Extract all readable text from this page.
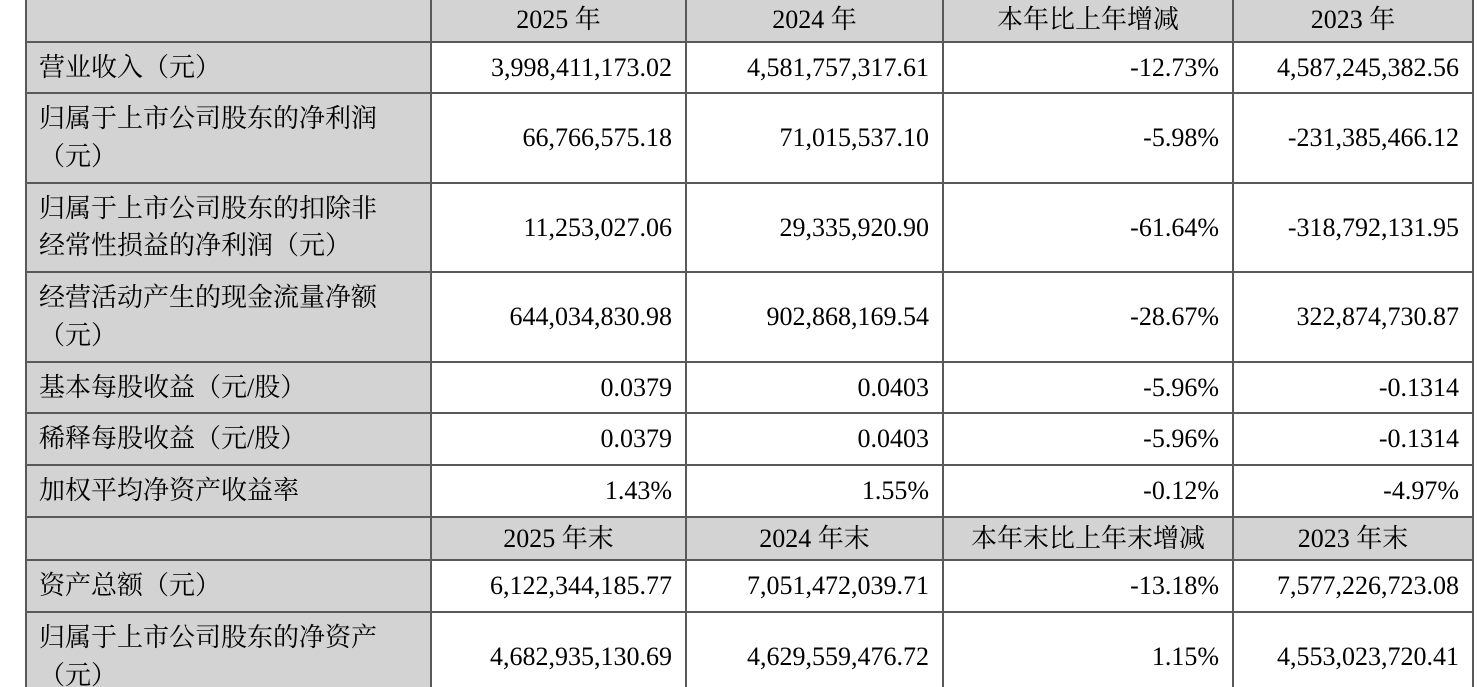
	2025 年	2024 年	本年比上年增减	2023 年
营业收入（元）	3,998,411,173.02	4,581,757,317.61	-12.73%	4,587,245,382.56
归属于上市公司股东的净利润（元）	66,766,575.18	71,015,537.10	-5.98%	-231,385,466.12
归属于上市公司股东的扣除非经常性损益的净利润（元）	11,253,027.06	29,335,920.90	-61.64%	-318,792,131.95
经营活动产生的现金流量净额（元）	644,034,830.98	902,868,169.54	-28.67%	322,874,730.87
基本每股收益（元/股）	0.0379	0.0403	-5.96%	-0.1314
稀释每股收益（元/股）	0.0379	0.0403	-5.96%	-0.1314
加权平均净资产收益率	1.43%	1.55%	-0.12%	-4.97%
	2025 年末	2024 年末	本年末比上年末增减	2023 年末
资产总额（元）	6,122,344,185.77	7,051,472,039.71	-13.18%	7,577,226,723.08
归属于上市公司股东的净资产（元）	4,682,935,130.69	4,629,559,476.72	1.15%	4,553,023,720.41
